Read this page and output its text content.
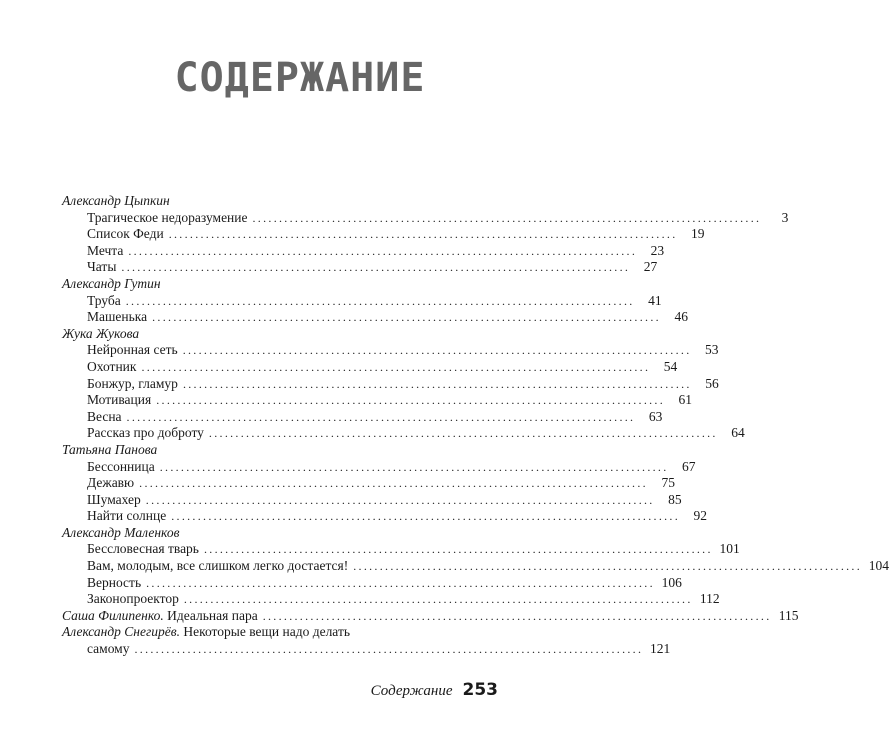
СОДЕРЖАНИЕ
Александр Цыпкин
Трагическое недоразумение ................................................................................................	3
Список Феди ................................................................................................	19
Мечта ................................................................................................	23
Чаты ................................................................................................	27
Александр Гутин
Труба ................................................................................................	41
Машенька ................................................................................................	46
Жука Жукова
Нейронная сеть ................................................................................................	53
Охотник ................................................................................................	54
Бонжур, гламур ................................................................................................	56
Мотивация ................................................................................................	61
Весна ................................................................................................	63
Рассказ про доброту ................................................................................................	64
Татьяна Панова
Бессонница ................................................................................................	67
Дежавю ................................................................................................	75
Шумахер ................................................................................................	85
Найти солнце ................................................................................................	92
Александр Маленков
Бессловесная тварь ................................................................................................ 101
Вам, молодым, все слишком легко достается! ................................................................................................ 104
Верность ................................................................................................ 106
Законопроектор ................................................................................................ 112
Саша Филипенко. Идеальная пара ................................................................................................ 115
Александр Снегирёв. Некоторые вещи надо делать
самому ................................................................................................ 121
Содержание 253
